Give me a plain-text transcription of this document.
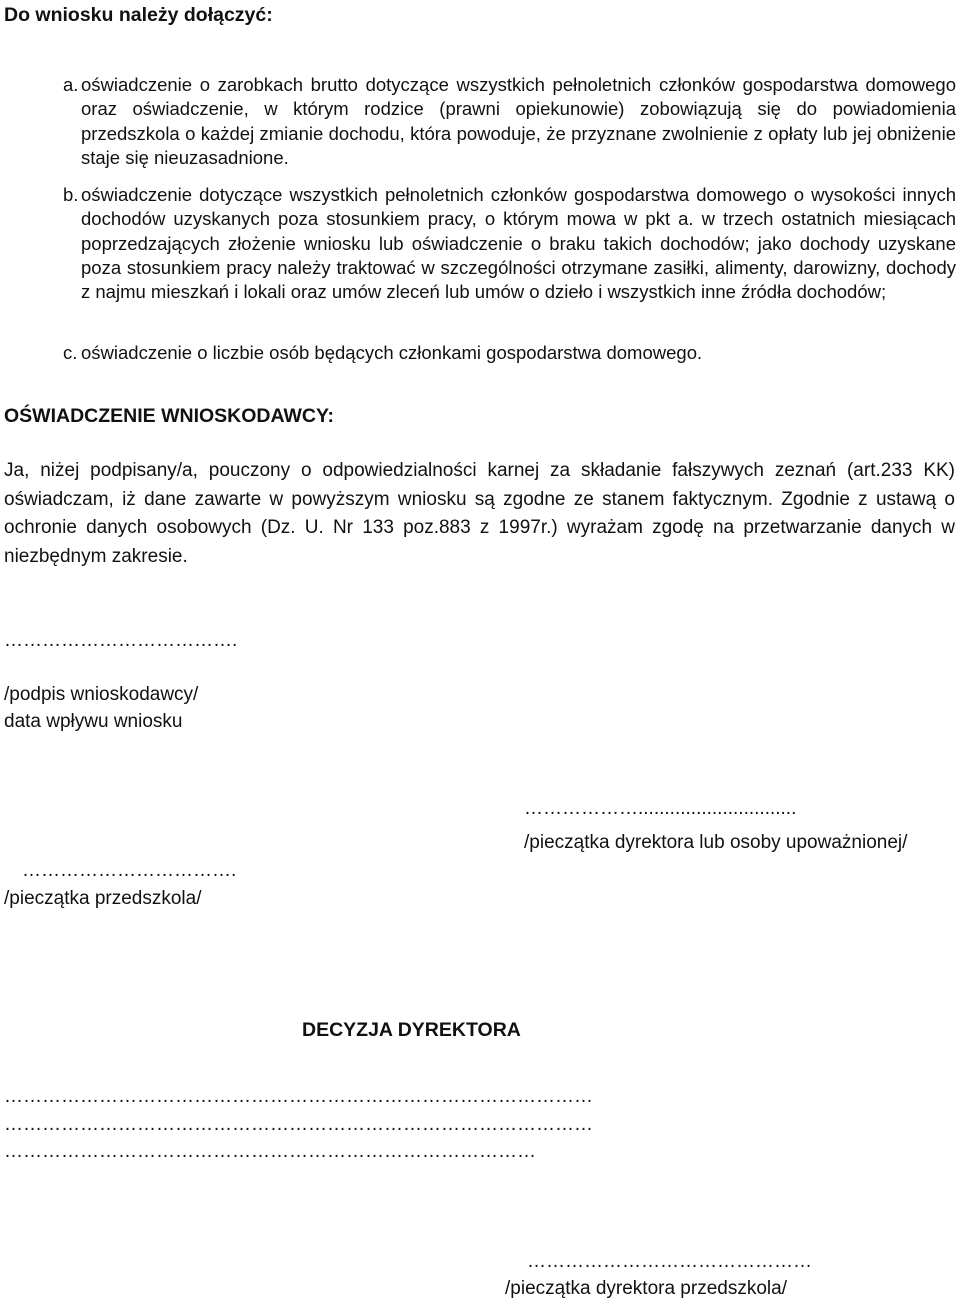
Do wniosku należy dołączyć:
a. oświadczenie o zarobkach brutto dotyczące wszystkich pełnoletnich członków gospodarstwa domowego oraz oświadczenie, w którym rodzice (prawni opiekunowie) zobowiązują się do powiadomienia przedszkola o każdej zmianie dochodu, która powoduje, że przyznane zwolnienie z opłaty lub jej obniżenie staje się nieuzasadnione.
b. oświadczenie dotyczące wszystkich pełnoletnich członków gospodarstwa domowego o wysokości innych dochodów uzyskanych poza stosunkiem pracy, o którym mowa w pkt a. w trzech ostatnich miesiącach poprzedzających złożenie wniosku lub oświadczenie o braku takich dochodów; jako dochody uzyskane poza stosunkiem pracy należy traktować w szczególności otrzymane zasiłki, alimenty, darowizny, dochody z najmu mieszkań i lokali oraz umów zleceń lub umów o dzieło i wszystkich inne źródła dochodów;
c. oświadczenie o liczbie osób będących członkami gospodarstwa domowego.
OŚWIADCZENIE WNIOSKODAWCY:
Ja, niżej podpisany/a, pouczony o odpowiedzialności karnej za składanie fałszywych zeznań (art.233 KK) oświadczam, iż dane zawarte w powyższym wniosku są zgodne ze stanem faktycznym. Zgodnie z ustawą o ochronie danych osobowych (Dz. U. Nr 133 poz.883 z 1997r.) wyrażam zgodę na przetwarzanie danych w niezbędnym zakresie.
……………………………….
/podpis wnioskodawcy/
data wpływu wniosku
………………..............................
/pieczątka dyrektora lub osoby upoważnionej/
…………………………….
/pieczątka przedszkola/
DECYZJA DYREKTORA
…………………………………………………………………………………
…………………………………………………………………………………
…………………………………………………………………………
………………………………………
/pieczątka dyrektora przedszkola/
